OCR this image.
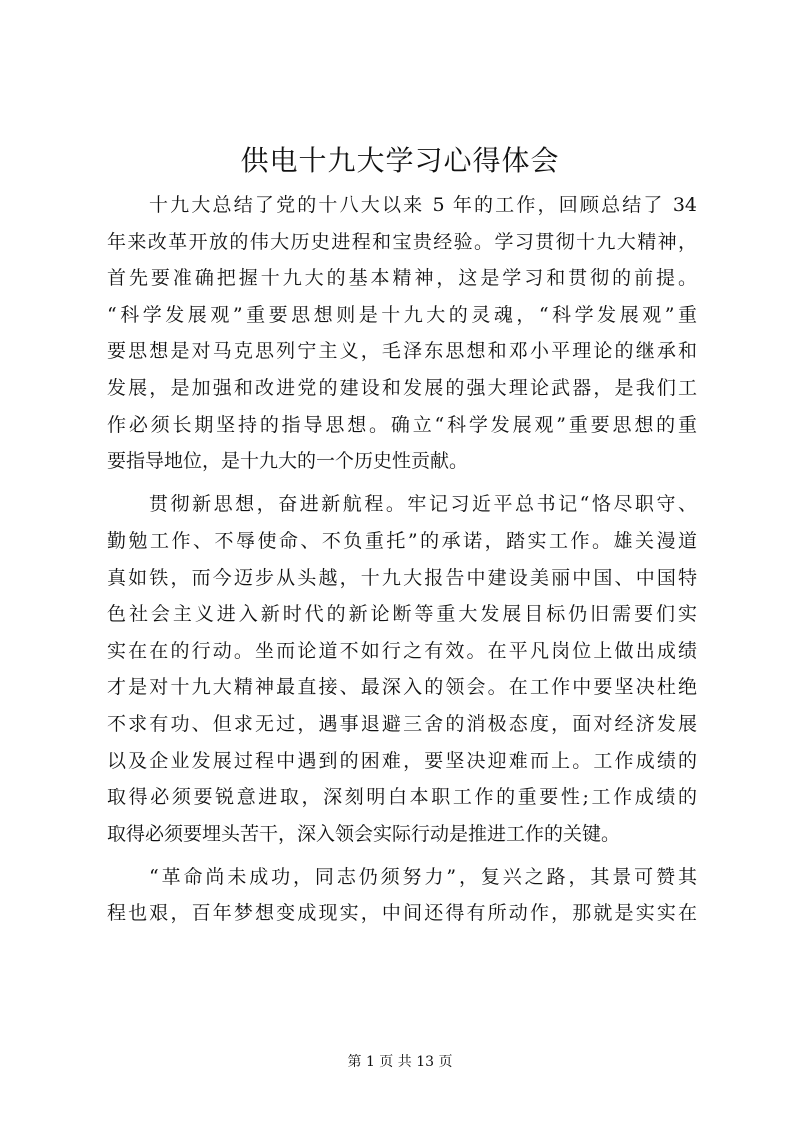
供电十九大学习心得体会
十九大总结了党的十八大以来 5 年的工作，回顾总结了 34
年来改革开放的伟大历史进程和宝贵经验。学习贯彻十九大精神，
首先要准确把握十九大的基本精神，这是学习和贯彻的前提。
“科学发展观”重要思想则是十九大的灵魂，“科学发展观”重
要思想是对马克思列宁主义，毛泽东思想和邓小平理论的继承和
发展，是加强和改进党的建设和发展的强大理论武器，是我们工
作必须长期坚持的指导思想。确立“科学发展观”重要思想的重
要指导地位，是十九大的一个历史性贡献。
贯彻新思想，奋进新航程。牢记习近平总书记“恪尽职守、
勤勉工作、不辱使命、不负重托”的承诺，踏实工作。雄关漫道
真如铁，而今迈步从头越，十九大报告中建设美丽中国、中国特
色社会主义进入新时代的新论断等重大发展目标仍旧需要们实
实在在的行动。坐而论道不如行之有效。在平凡岗位上做出成绩
才是对十九大精神最直接、最深入的领会。在工作中要坚决杜绝
不求有功、但求无过，遇事退避三舍的消极态度，面对经济发展
以及企业发展过程中遇到的困难，要坚决迎难而上。工作成绩的
取得必须要锐意进取，深刻明白本职工作的重要性;工作成绩的
取得必须要埋头苦干，深入领会实际行动是推进工作的关键。
“革命尚未成功，同志仍须努力”，复兴之路，其景可赞其
程也艰，百年梦想变成现实，中间还得有所动作，那就是实实在
第 1 页 共 13 页
